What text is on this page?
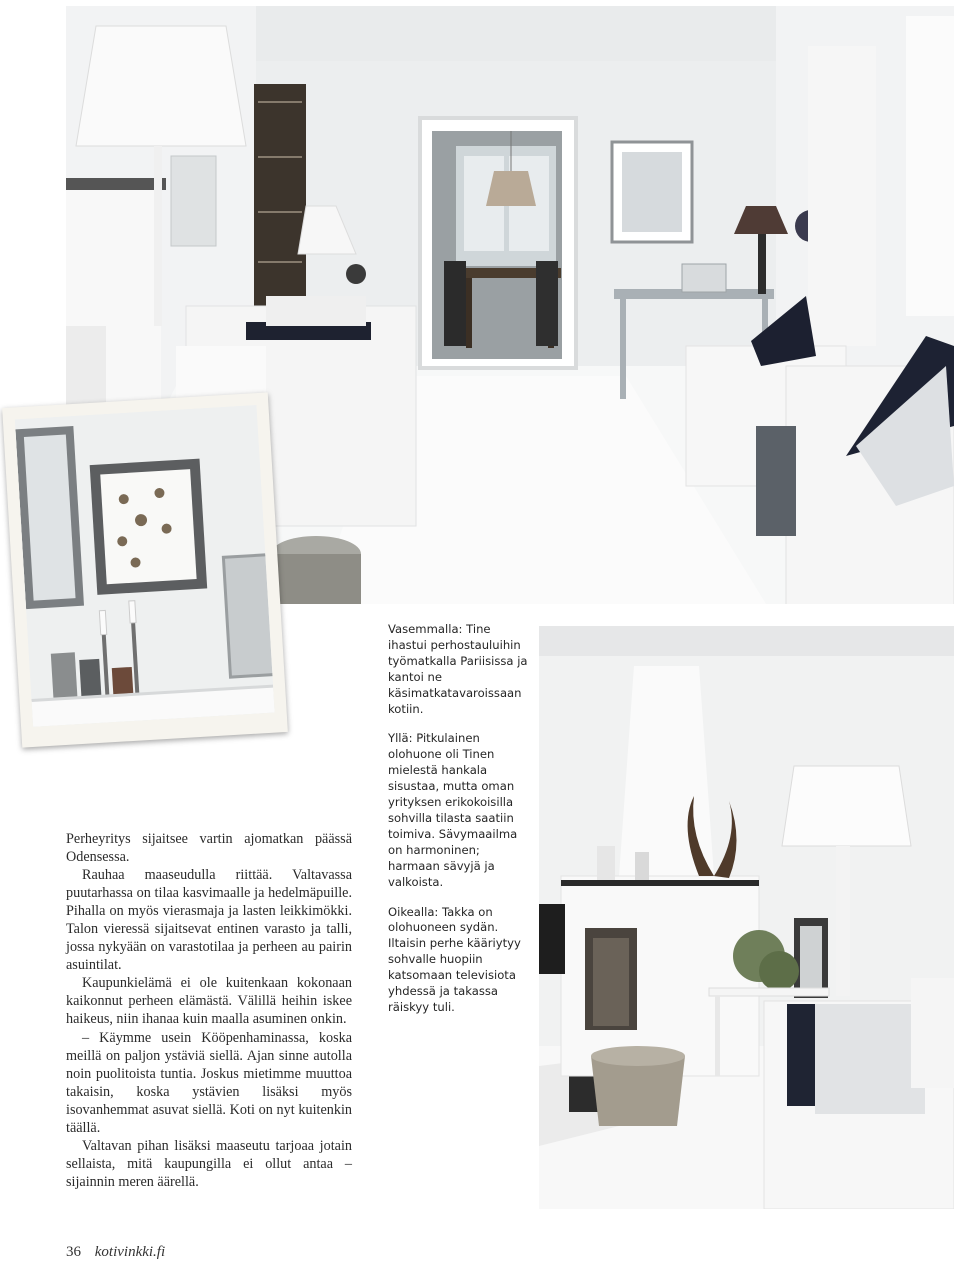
Vasemmalla: Tine ihastui perhostauluihin työmatkalla Pariisissa ja kantoi ne käsimatkatavaroissaan kotiin.

Yllä: Pitkulainen olohuone oli Tinen mielestä hankala sisustaa, mutta oman yrityksen erikokoisilla sohvilla tilasta saatiin toimiva. Sävymaailma on harmoninen; harmaan sävyjä ja valkoista.

Oikealla: Takka on olohuoneen sydän. Iltaisin perhe kääriytyy sohvalle huopiin katsomaan televisiota yhdessä ja takassa räiskyy tuli.

Perheyritys sijaitsee vartin ajomatkan päässä Odensessa.

Rauhaa maaseudulla riittää. Valtavassa puutarhassa on tilaa kasvimaalle ja hedelmäpuille. Pihalla on myös vierasmaja ja lasten leikkimökki. Talon vieressä sijaitsevat entinen varasto ja talli, jossa nykyään on varastotilaa ja perheen au pairin asuintilat.

Kaupunkielämä ei ole kuitenkaan kokonaan kaikonnut perheen elämästä. Välillä heihin iskee haikeus, niin ihanaa kuin maalla asuminen onkin.

– Käymme usein Kööpenhaminassa, koska meillä on paljon ystäviä siellä. Ajan sinne autolla noin puolitoista tuntia. Joskus mietimme muuttoa takaisin, koska ystävien lisäksi myös isovanhemmat asuvat siellä. Koti on nyt kuitenkin täällä.

Valtavan pihan lisäksi maaseutu tarjoaa jotain sellaista, mitä kaupungilla ei ollut antaa – sijainnin meren äärellä.

36 kotivinkki.fi
